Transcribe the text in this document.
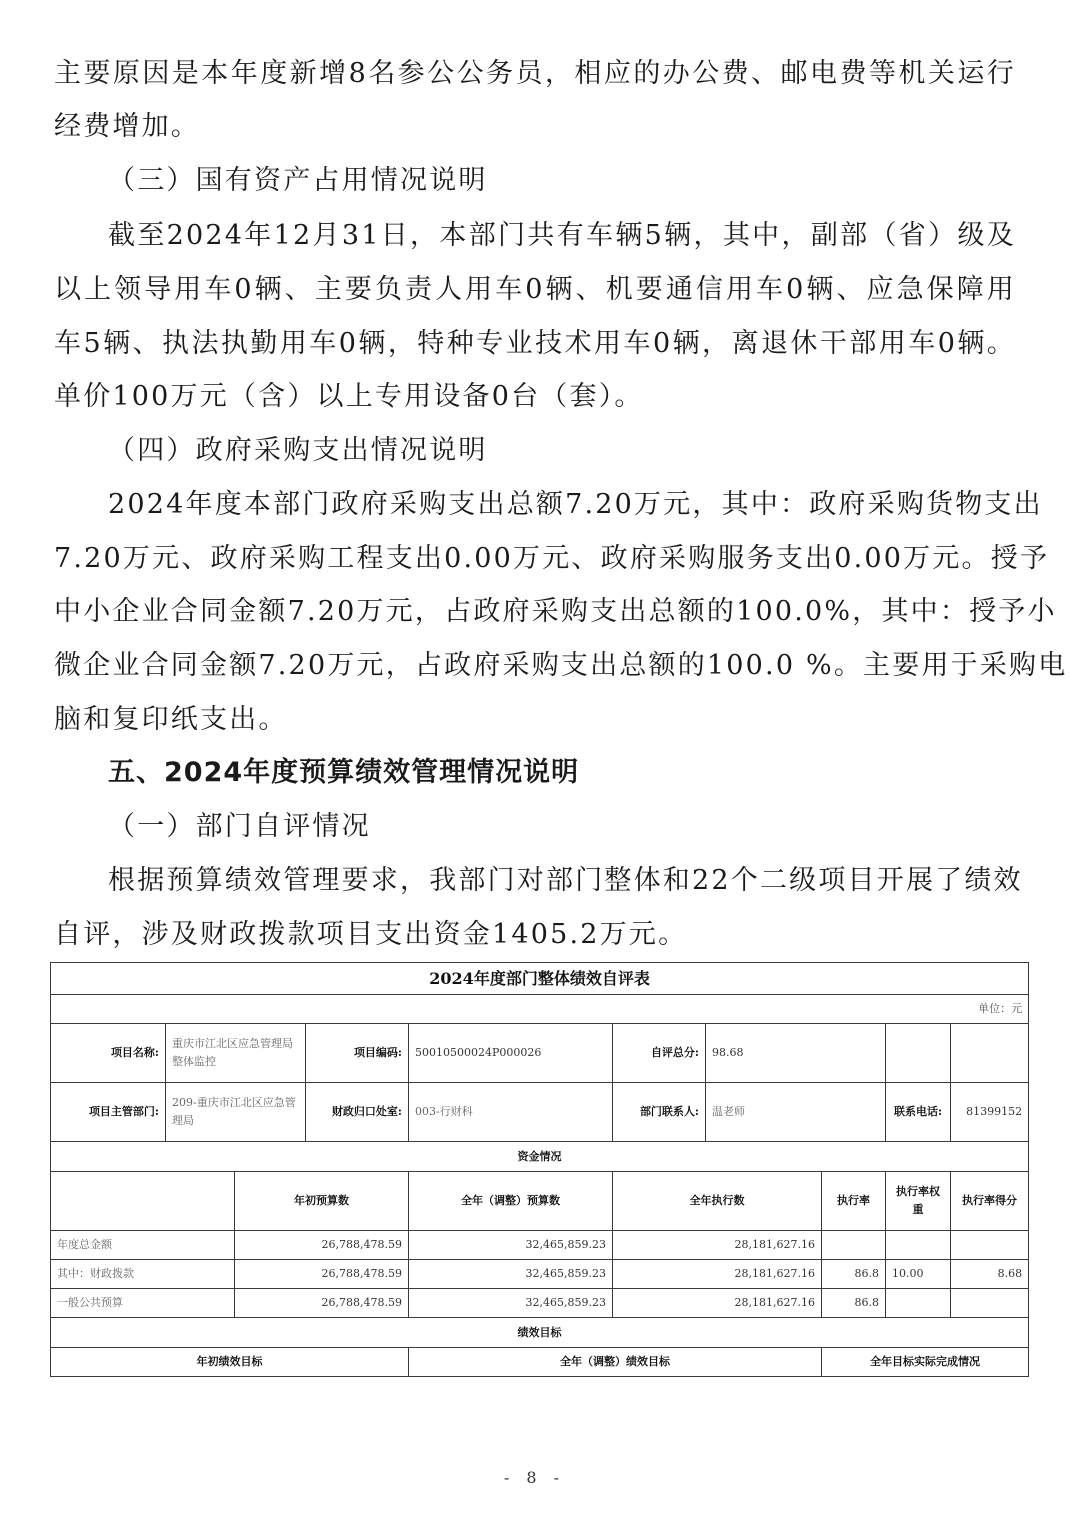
主要原因是本年度新增8名参公公务员，相应的办公费、邮电费等机关运行
经费增加。
（三）国有资产占用情况说明
截至2024年12月31日，本部门共有车辆5辆，其中，副部（省）级及
以上领导用车0辆、主要负责人用车0辆、机要通信用车0辆、应急保障用
车5辆、执法执勤用车0辆，特种专业技术用车0辆，离退休干部用车0辆。
单价100万元（含）以上专用设备0台（套）。
（四）政府采购支出情况说明
2024年度本部门政府采购支出总额7.20万元，其中：政府采购货物支出
7.20万元、政府采购工程支出0.00万元、政府采购服务支出0.00万元。授予
中小企业合同金额7.20万元，占政府采购支出总额的100.0%，其中：授予小
微企业合同金额7.20万元，占政府采购支出总额的100.0 %。主要用于采购电
脑和复印纸支出。
五、2024年度预算绩效管理情况说明
（一）部门自评情况
根据预算绩效管理要求，我部门对部门整体和22个二级项目开展了绩效
自评，涉及财政拨款项目支出资金1405.2万元。
2024年度部门整体绩效自评表									
单位：元									
项目名称:	重庆市江北区应急管理局整体监控		项目编码:	50010500024P000026	自评总分:	98.68			
项目主管部门:	209-重庆市江北区应急管理局		财政归口处室:	003-行财科	部门联系人:	温老师		联系电话:	81399152
资金情况									
		年初预算数		全年（调整）预算数	全年执行数		执行率	执行率权重	执行率得分
年度总金额		26,788,478.59		32,465,859.23	28,181,627.16				
其中：财政拨款		26,788,478.59		32,465,859.23	28,181,627.16		86.8	10.00	8.68
一般公共预算		26,788,478.59		32,465,859.23	28,181,627.16		86.8		
绩效目标									
年初绩效目标				全年（调整）绩效目标			全年目标实际完成情况		
- 8 -
